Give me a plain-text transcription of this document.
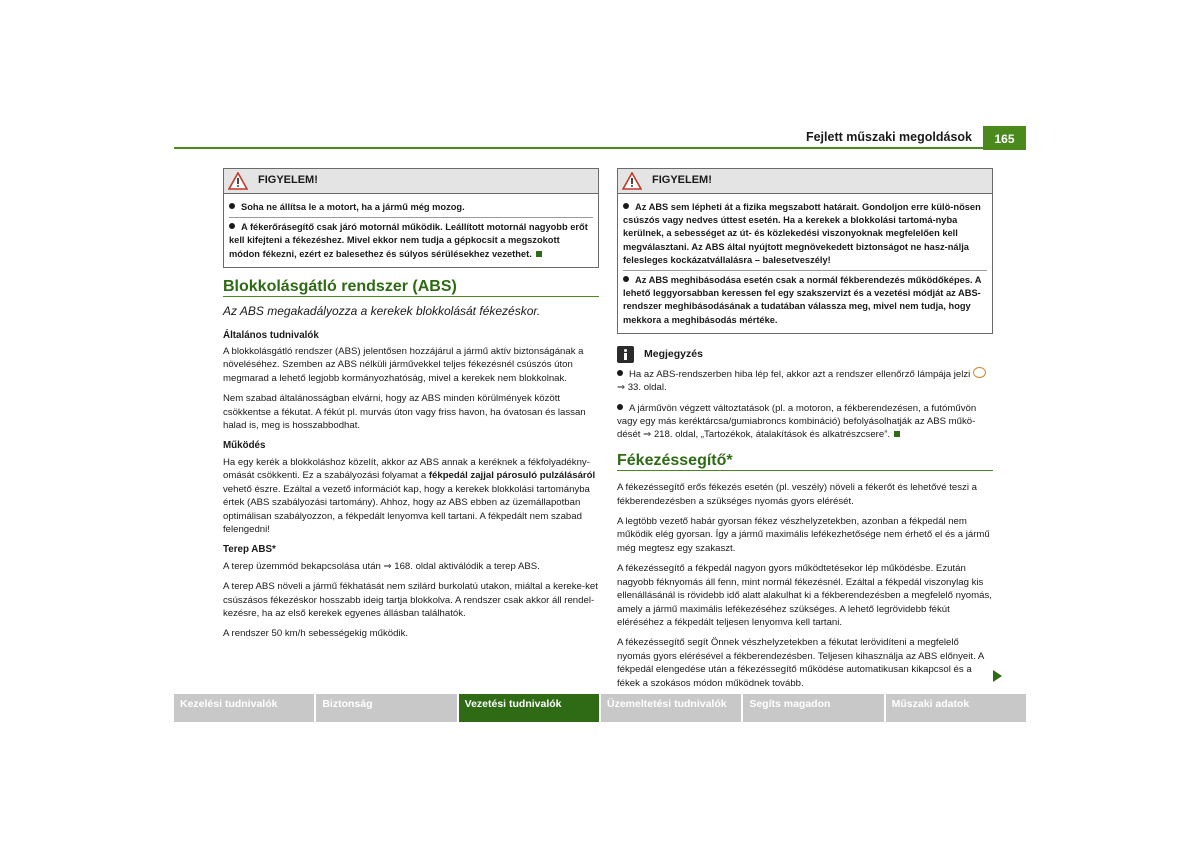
Fejlett műszaki megoldások	165
FIGYELEM!
Soha ne állítsa le a motort, ha a jármű még mozog.
A fékerőrásegítő csak járó motornál működik. Leállított motornál nagyobb erőt kell kifejteni a fékezéshez. Mivel ekkor nem tudja a gépkocsit a megszokott módon fékezni, ezért ez balesethez és súlyos sérülésekhez vezethet.
Blokkolásgátló rendszer (ABS)
Az ABS megakadályozza a kerekek blokkolását fékezéskor.
Általános tudnivalók

A blokkolásgátló rendszer (ABS) jelentősen hozzájárul a jármű aktív biztonságának a növeléséhez. Szemben az ABS nélküli járművekkel teljes fékezésnél csúszós úton megmarad a lehető legjobb kormányozhatóság, mivel a kerekek nem blokkolnak.

Nem szabad általánosságban elvárni, hogy az ABS minden körülmények között csökkentse a fékutat. A fékút pl. murvás úton vagy friss havon, ha óvatosan és lassan halad is, meg is hosszabbodhat.

Működés

Ha egy kerék a blokkoláshoz közelít, akkor az ABS annak a keréknek a fékfolyadékny-omását csökkenti. Ez a szabályozási folyamat a fékpedál zajjal párosuló pulzálásáról vehető észre. Ezáltal a vezető információt kap, hogy a kerekek blokkolási tartományba értek (ABS szabályozási tartomány). Ahhoz, hogy az ABS ebben az üzemállapotban optimálisan szabályozzon, a fékpedált lenyomva kell tartani. A fékpedált nem szabad felengedni!

Terep ABS*

A terep üzemmód bekapcsolása után ⇒ 168. oldal aktiválódik a terep ABS.

A terep ABS növeli a jármű fékhatását nem szilárd burkolatú utakon, miáltal a kereke-ket csúszásos fékezéskor hosszabb ideig tartja blokkolva. A rendszer csak akkor áll rendel-kezésre, ha az első kerekek egyenes állásban találhatók.

A rendszer 50 km/h sebességekig működik.

FIGYELEM!
Az ABS sem lépheti át a fizika megszabott határait. Gondoljon erre külö-nösen csúszós vagy nedves úttest esetén. Ha a kerekek a blokkolási tartomá-nyba kerülnek, a sebességet az út- és közlekedési viszonyoknak megfelelően kell megválasztani. Az ABS által nyújtott megnövekedett biztonságot ne hasz-nálja felesleges kockázatvállalásra – balesetveszély!
Az ABS meghibásodása esetén csak a normál fékberendezés működőképes. A lehető leggyorsabban keressen fel egy szakszervizt és a vezetési módját az ABS-rendszer meghibásodásának a tudatában válassza meg, mivel nem tudja, hogy mekkora a meghibásodás mértéke.
Megjegyzés

Ha az ABS-rendszerben hiba lép fel, akkor azt a rendszer ellenőrző lámpája jelzi
⇒ 33. oldal.

A járművön végzett változtatások (pl. a motoron, a fékberendezésen, a futóművön vagy egy más keréktárcsa/gumiabroncs kombináció) befolyásolhatják az ABS műkö-dését ⇒ 218. oldal, „Tartozékok, átalakítások és alkatrészcsere”.

Fékezéssegítő*

A fékezéssegítő erős fékezés esetén (pl. veszély) növeli a fékerőt és lehetővé teszi a fékberendezésben a szükséges nyomás gyors elérését.

A legtöbb vezető habár gyorsan fékez vészhelyzetekben, azonban a fékpedál nem működik elég gyorsan. Így a jármű maximális lefékezhetősége nem érhető el és a jármű még megtesz egy szakaszt.

A fékezéssegítő a fékpedál nagyon gyors működtetésekor lép működésbe. Ezután nagyobb féknyomás áll fenn, mint normál fékezésnél. Ezáltal a fékpedál viszonylag kis ellenállásánál is rövidebb idő alatt alakulhat ki a fékberendezésben a megfelelő nyomás, amely a jármű maximális lefékezéséhez szükséges. A lehető legrövidebb fékút eléréséhez a fékpedált teljesen lenyomva kell tartani.

A fékezéssegítő segít Önnek vészhelyzetekben a fékutat lerövidíteni a megfelelő nyomás gyors elérésével a fékberendezésben. Teljesen kihasználja az ABS előnyeit. A fékpedál elengedése után a fékezéssegítő működése automatikusan kikapcsol és a fékek a szokásos módon működnek tovább.

Kezelési tudnivalók	Biztonság	Vezetési tudnivalók	Üzemeltetési tudnivalók	Segíts magadon	Műszaki adatok
